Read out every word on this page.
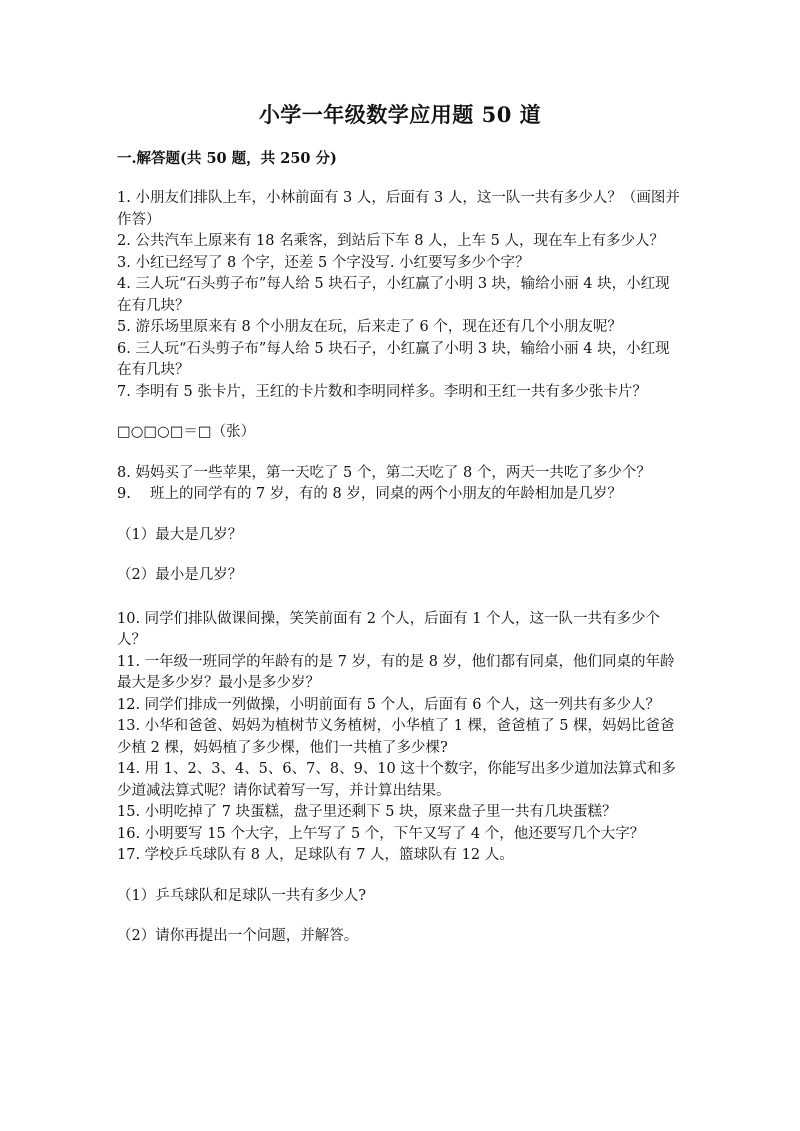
小学一年级数学应用题 50 道
一.解答题(共 50 题，共 250 分)

1. 小朋友们排队上车，小林前面有 3 人，后面有 3 人，这一队一共有多少人？（画图并作答）

2. 公共汽车上原来有 18 名乘客，到站后下车 8 人，上车 5 人，现在车上有多少人？

3. 小红已经写了 8 个字，还差 5 个字没写. 小红要写多少个字？

4. 三人玩“石头剪子布”每人给 5 块石子，小红赢了小明 3 块，输给小丽 4 块，小红现在有几块？

5. 游乐场里原来有 8 个小朋友在玩，后来走了 6 个，现在还有几个小朋友呢？

6. 三人玩“石头剪子布”每人给 5 块石子，小红赢了小明 3 块，输给小丽 4 块，小红现在有几块？

7. 李明有 5 张卡片，王红的卡片数和李明同样多。李明和王红一共有多少张卡片？

□○□○□＝□（张）

8. 妈妈买了一些苹果，第一天吃了 5 个，第二天吃了 8 个，两天一共吃了多少个？

9.　 班上的同学有的 7 岁，有的 8 岁，同桌的两个小朋友的年龄相加是几岁？

（1）最大是几岁？

（2）最小是几岁？

10. 同学们排队做课间操，笑笑前面有 2 个人，后面有 1 个人，这一队一共有多少个人？

11. 一年级一班同学的年龄有的是 7 岁，有的是 8 岁，他们都有同桌，他们同桌的年龄最大是多少岁？最小是多少岁？

12. 同学们排成一列做操，小明前面有 5 个人，后面有 6 个人，这一列共有多少人？

13. 小华和爸爸、妈妈为植树节义务植树，小华植了 1 棵，爸爸植了 5 棵，妈妈比爸爸少植 2 棵，妈妈植了多少棵，他们一共植了多少棵?

14. 用 1、2、3、4、5、6、7、8、9、10 这十个数字，你能写出多少道加法算式和多少道减法算式呢？请你试着写一写，并计算出结果。

15. 小明吃掉了 7 块蛋糕，盘子里还剩下 5 块，原来盘子里一共有几块蛋糕？

16. 小明要写 15 个大字，上午写了 5 个，下午又写了 4 个，他还要写几个大字？

17. 学校乒乓球队有 8 人，足球队有 7 人，篮球队有 12 人。

（1）乒乓球队和足球队一共有多少人?

（2）请你再提出一个问题，并解答。
